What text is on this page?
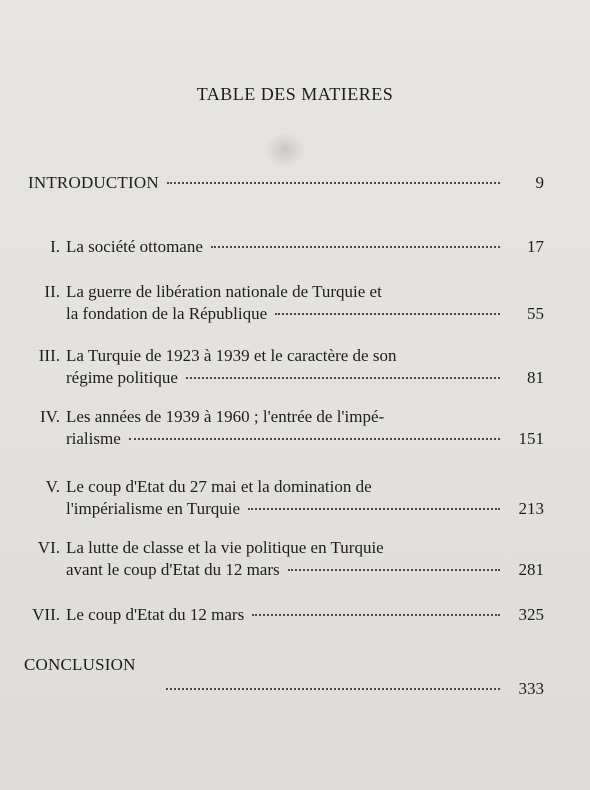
TABLE DES MATIERES
INTRODUCTION	9
I. La société ottomane	17
II. La guerre de libération nationale de Turquie et
la fondation de la République	55
III. La Turquie de 1923 à 1939 et le caractère de son
régime politique	81
IV. Les années de 1939 à 1960 ; l'entrée de l'impé-
rialisme	151
V. Le coup d'Etat du 27 mai et la domination de
l'impérialisme en Turquie	213
VI. La lutte de classe et la vie politique en Turquie
avant le coup d'Etat du 12 mars	281
VII. Le coup d'Etat du 12 mars	325
CONCLUSION
333
